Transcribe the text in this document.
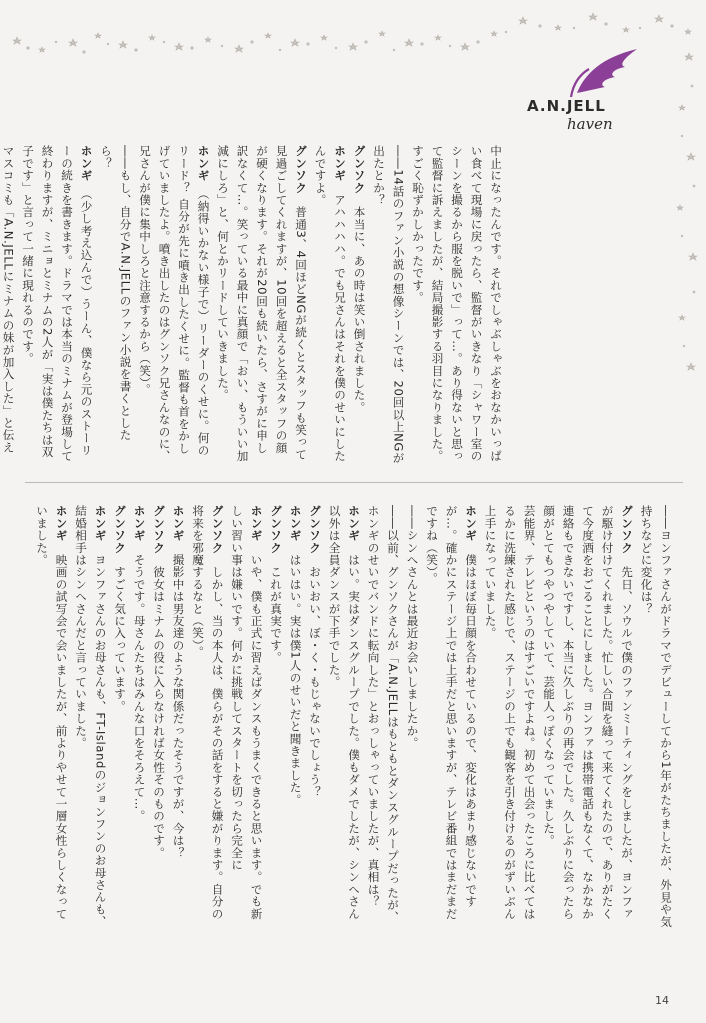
A.N.JELL
haven

中止になったんです。それでしゃぶしゃぶをおなかいっぱい食べて現場に戻ったら、監督がいきなり「シャワー室のシーンを撮るから服を脱いで」って…。あり得ないと思って監督に訴えましたが、結局撮影する羽目になりました。すごく恥ずかしかったです。

――14話のファン小説の想像シーンでは、20回以上NGが出たとか？

グンソク　本当に、あの時は笑い倒されました。

ホンギ　アハハハハ。でも兄さんはそれを僕のせいにしたんですよ。

グンソク　普通3、4回ほどNGが続くとスタッフも笑って見過ごしてくれますが、10回を超えると全スタッフの顔が硬くなります。それが20回も続いたら、さすがに申し訳なくて…。笑っている最中に真顔で「おい、もういい加減にしろ」と、何とかリードしていきました。

ホンギ　（納得いかない様子で）リーダーのくせに。何のリード？ 自分が先に噴き出したくせに。監督も首をかしげていましたよ。噴き出したのはグンソク兄さんなのに、兄さんが僕に集中しろと注意するから（笑）。

――もし、自分でA.N.JELLのファン小説を書くとしたら？

ホンギ　（少し考え込んで）うーん、僕なら元のストーリーの続きを書きます。ドラマでは本当のミナムが登場して終わりますが、ミニョとミナムの2人が「実は僕たちは双子です」と言って一緒に現れるのです。

マスコミも「A.N.JELLにミナムの妹が加入した」と伝え

――ヨンファさんがドラマでデビューしてから1年がたちましたが、外見や気持ちなどに変化は？

グンソク　先日、ソウルで僕のファンミーティングをしましたが、ヨンファが駆け付けてくれました。忙しい合間を縫って来てくれたので、ありがたくて今度酒をおごることにしました。ヨンファは携帯電話もなくて、なかなか連絡もできないですし、本当に久しぶりの再会でした。久しぶりに会ったら顔がとてもつやつやしていて、芸能人っぽくなっていました。

芸能界、テレビというのはすごいですよね。初めて出会ったころに比べてはるかに洗練された感じで、ステージの上でも観客を引き付けるのがずいぶん上手になっていました。

ホンギ　僕はほぼ毎日顔を合わせているので、変化はあまり感じないですが…。確かにステージ上では上手だと思いますが、テレビ番組ではまだまだですね（笑）。

――シンへさんとは最近お会いしましたか。

――以前、グンソクさんが「A.N.JELLはもともとダンスグループだったが、ホンギのせいでバンドに転向した」とおっしゃっていましたが、真相は？

ホンギ　はい。実はダンスグループでした。僕もダメでしたが、シンへさん以外は全員ダンスが下手でした。

グンソク　おいおい、ぼ・く・もじゃないでしょう？

ホンギ　はいはい。実は僕1人のせいだと聞きました。

グンソク　これが真実です。

ホンギ　いや、僕も正式に習えばダンスもうまくできると思います。でも新しい習い事は嫌いです。何かに挑戦してスタートを切ったら完全に

グンソク　しかし、当の本人は、僕らがその話をすると嫌がります。自分の将来を邪魔するなと（笑）。

ホンギ　撮影中は男友達のような関係だったそうですが、今は？

グンソク　彼女はミナムの役に入らなければ女性そのものです。

ホンギ　そうです。母さんたちはみんな口をそろえて…。

グンソク　すごく気に入っています。

ホンギ　ヨンファさんのお母さんも、FT-Islandのジョンフンのお母さんも、結婚相手はシンへさんだと言っていました。

ホンギ　映画の試写会で会いましたが、前よりやせて一層女性らしくなっていました。

14
